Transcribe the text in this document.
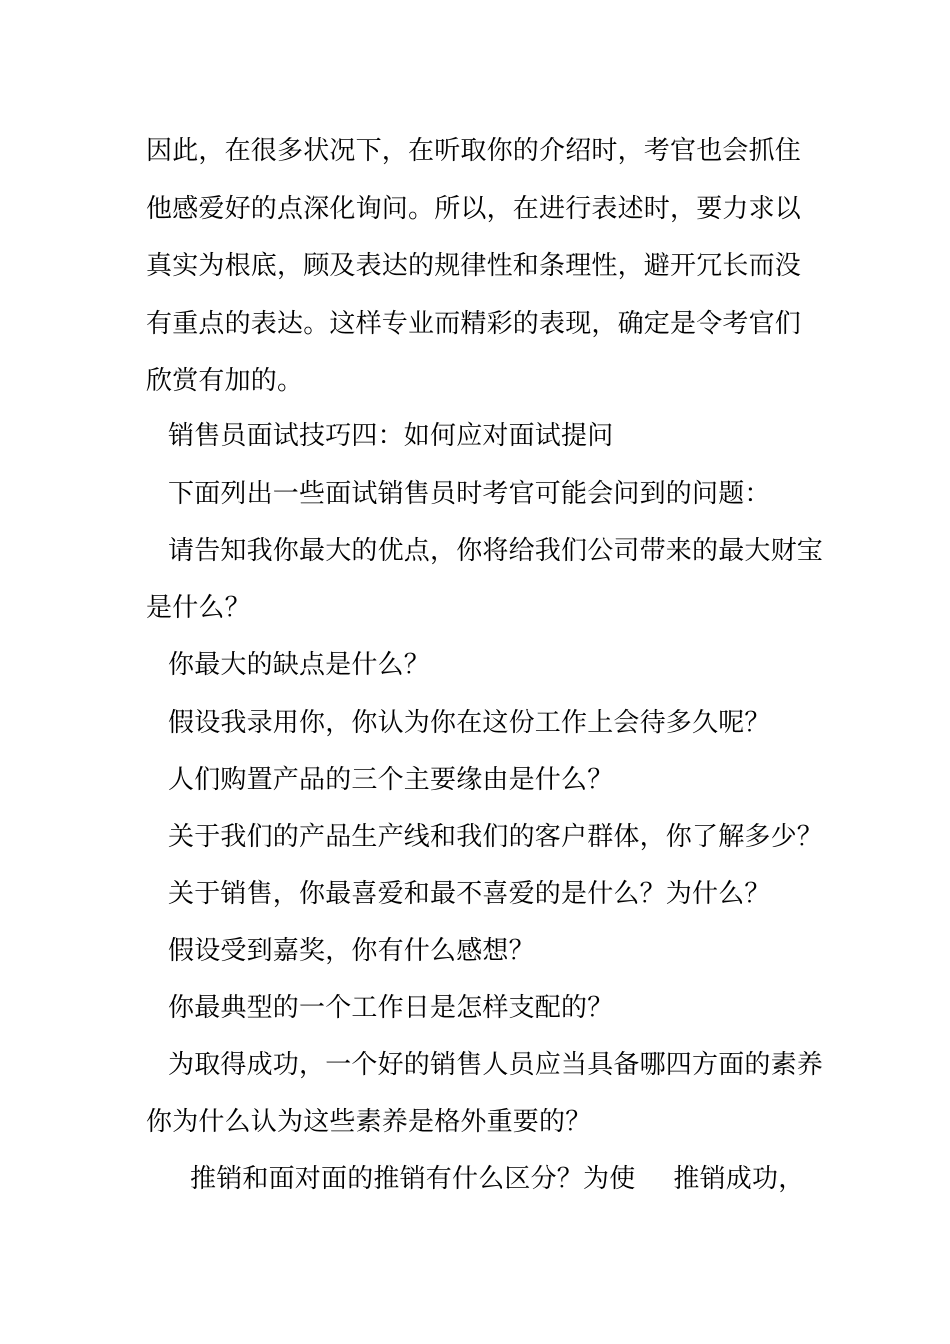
因此，在很多状况下，在听取你的介绍时，考官也会抓住
他感爱好的点深化询问。所以，在进行表述时，要力求以
真实为根底，顾及表达的规律性和条理性，避开冗长而没
有重点的表达。这样专业而精彩的表现，确定是令考官们
欣赏有加的。
销售员面试技巧四：如何应对面试提问
下面列出一些面试销售员时考官可能会问到的问题：
请告知我你最大的优点，你将给我们公司带来的最大财宝
是什么？
你最大的缺点是什么？
假设我录用你，你认为你在这份工作上会待多久呢？
人们购置产品的三个主要缘由是什么？
关于我们的产品生产线和我们的客户群体，你了解多少？
关于销售，你最喜爱和最不喜爱的是什么？为什么？
假设受到嘉奖，你有什么感想？
你最典型的一个工作日是怎样支配的？
为取得成功，一个好的销售人员应当具备哪四方面的素养
你为什么认为这些素养是格外重要的？
推销和面对面的推销有什么区分？为使 推销成功，
